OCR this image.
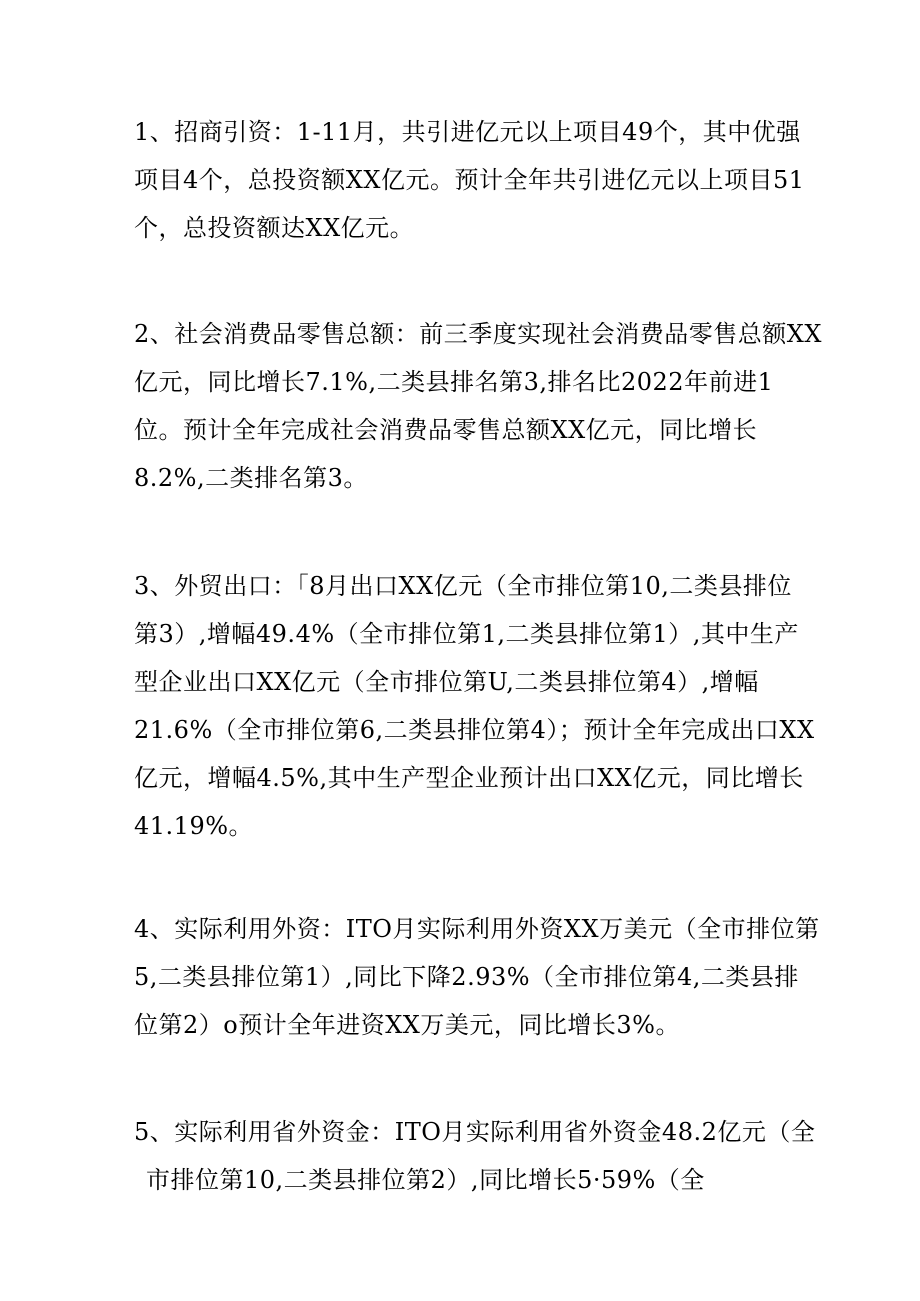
1、招商引资：1-11月，共引进亿元以上项目49个，其中优强
项目4个，总投资额XX亿元。预计全年共引进亿元以上项目51
个，总投资额达XX亿元。
2、社会消费品零售总额：前三季度实现社会消费品零售总额XX
亿元，同比增长7.1%,二类县排名第3,排名比2022年前进1
位。预计全年完成社会消费品零售总额XX亿元，同比增长
8.2%,二类排名第3。
3、外贸出口：「8月出口XX亿元（全市排位第10,二类县排位
第3）,增幅49.4%（全市排位第1,二类县排位第1）,其中生产
型企业出口XX亿元（全市排位第U,二类县排位第4）,增幅
21.6%（全市排位第6,二类县排位第4）；预计全年完成出口XX
亿元，增幅4.5%,其中生产型企业预计出口XX亿元，同比增长
41.19%。
4、实际利用外资：ITO月实际利用外资XX万美元（全市排位第
5,二类县排位第1）,同比下降2.93%（全市排位第4,二类县排
位第2）o预计全年进资XX万美元，同比增长3%。
5、实际利用省外资金：ITO月实际利用省外资金48.2亿元（全
市排位第10,二类县排位第2）,同比增长5·59%（全
